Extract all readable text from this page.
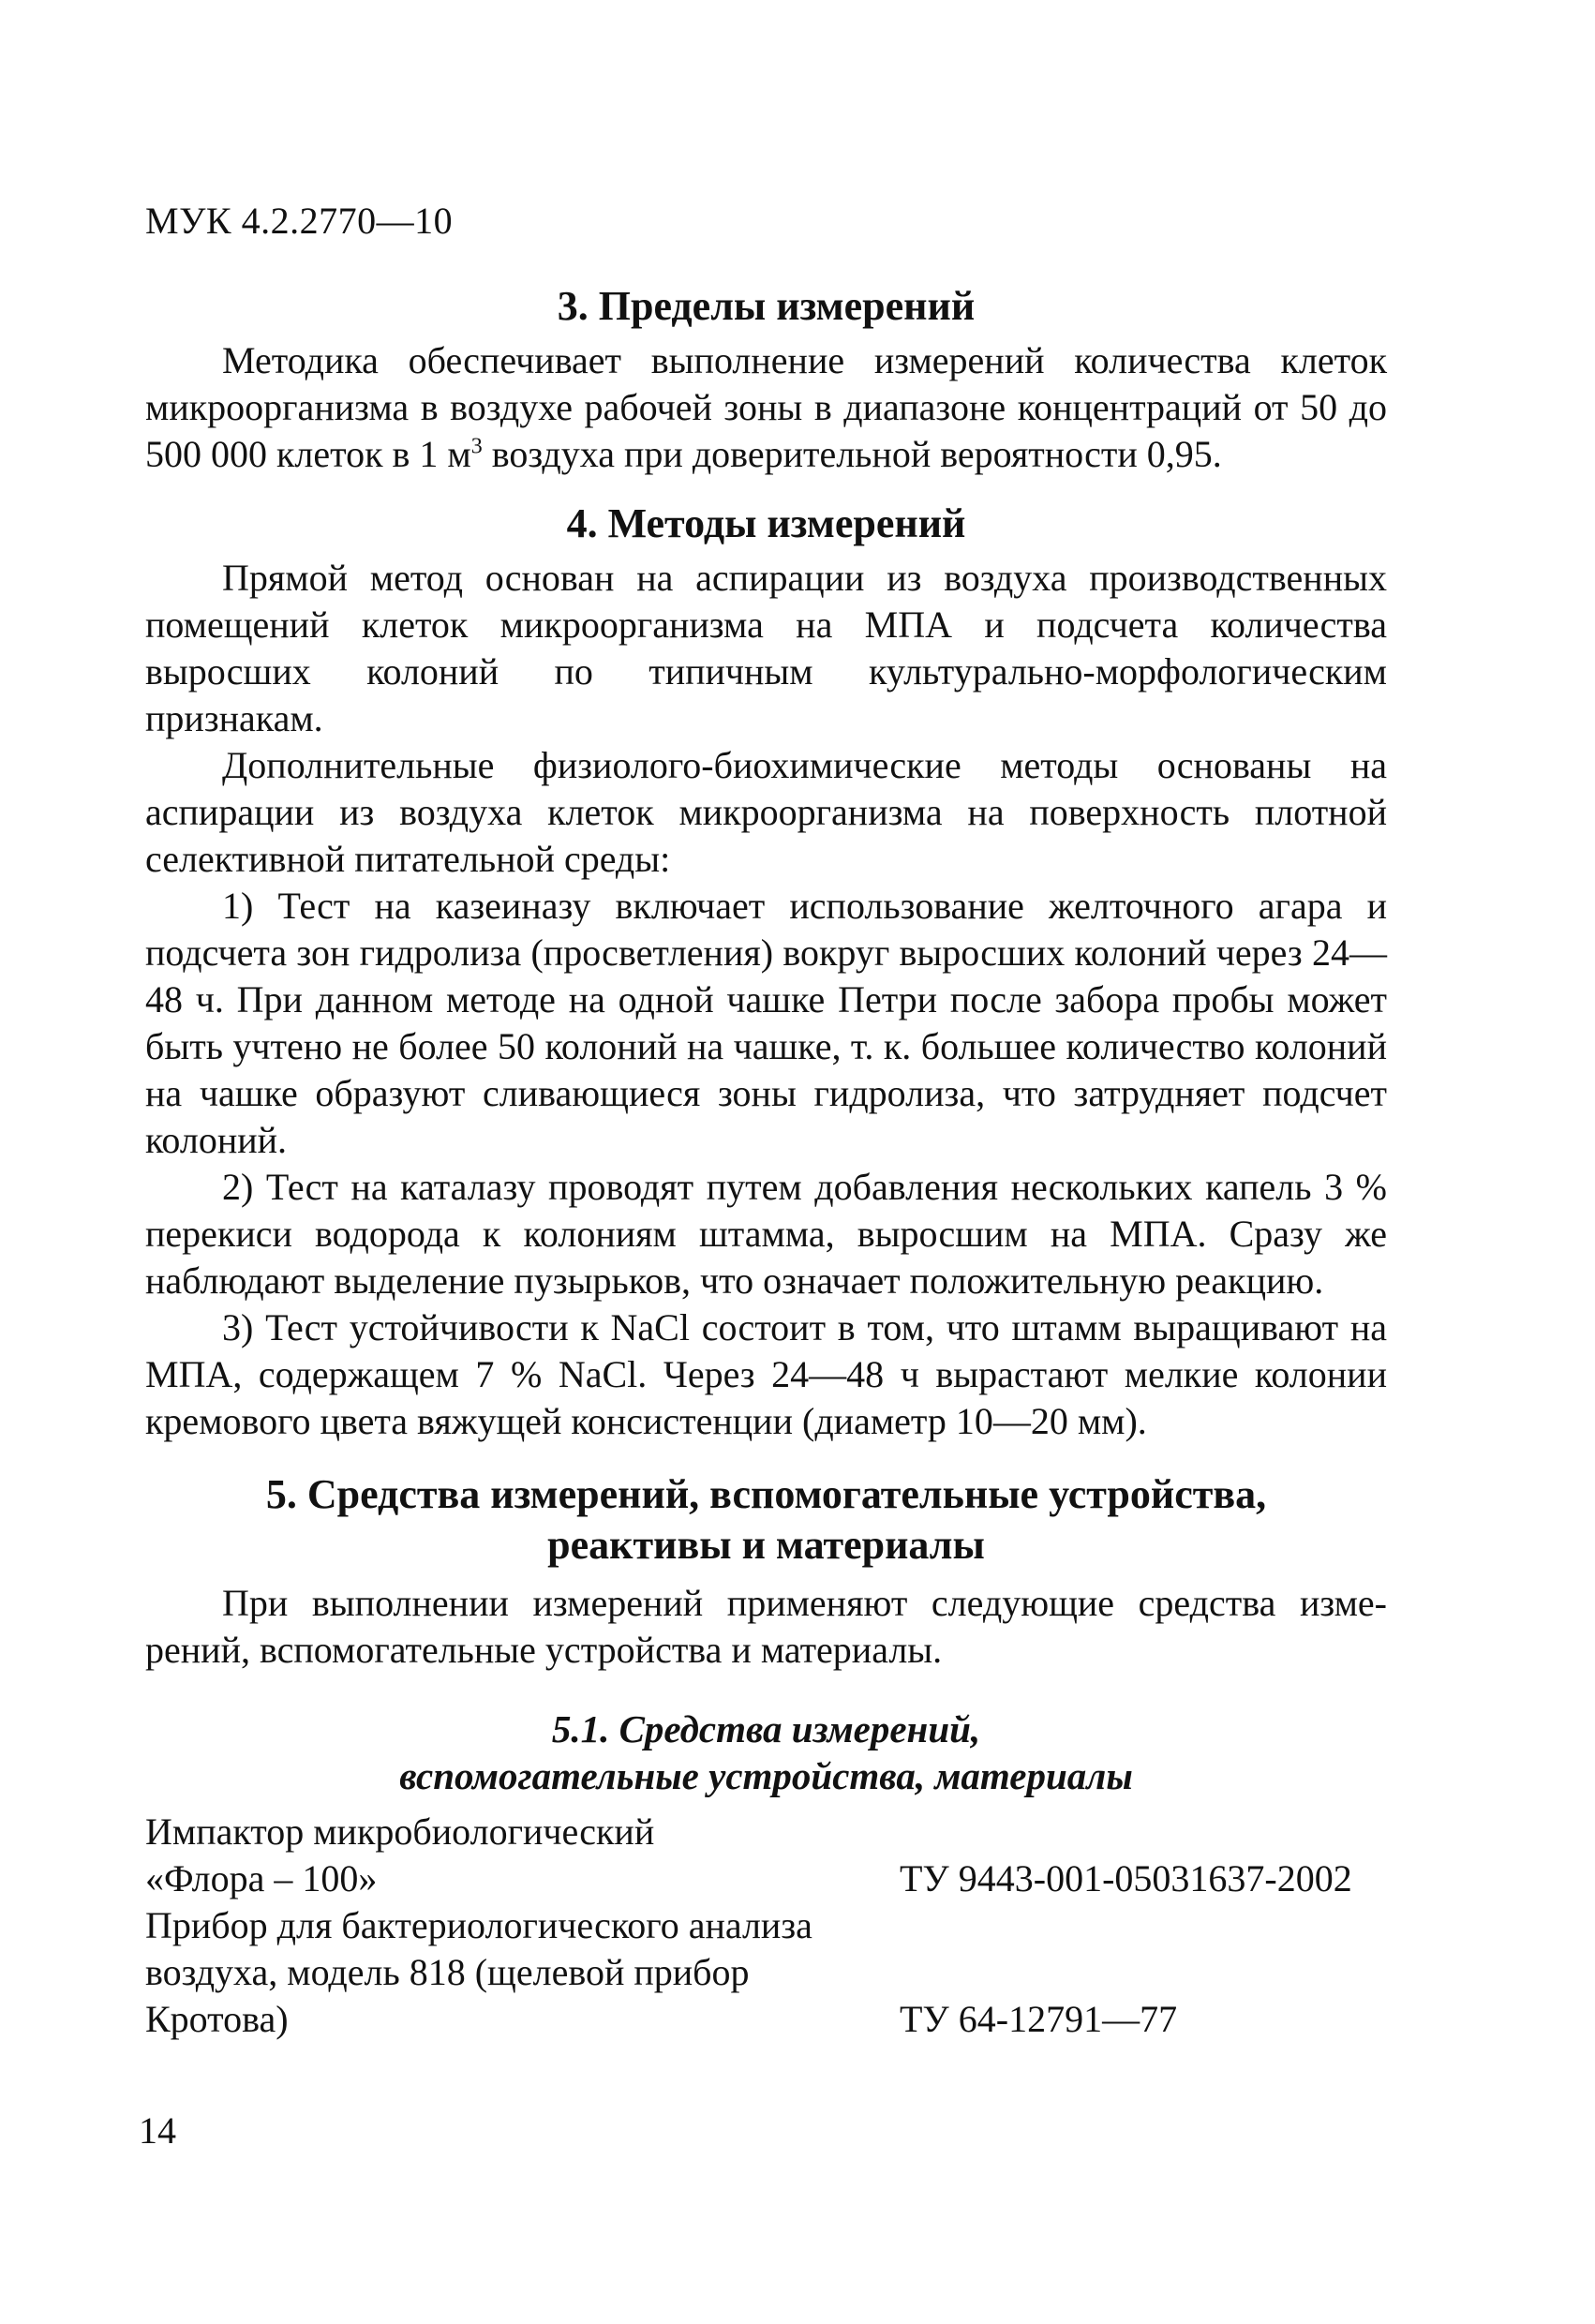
МУК 4.2.2770—10
3. Пределы измерений

Методика обеспечивает выполнение измерений количества клеток микроорганизма в воздухе рабочей зоны в диапазоне концентраций от 50 до 500 000 клеток в 1 $м^3$ воздуха при доверительной вероятности 0,95.

4. Методы измерений

Прямой метод основан на аспирации из воздуха производственных помещений клеток микроорганизма на МПА и подсчета количества выросших колоний по типичным культурально-морфологическим признакам.

Дополнительные физиолого-биохимические методы основаны на аспирации из воздуха клеток микроорганизма на поверхность плотной селективной питательной среды:

1) Тест на казеиназу включает использование желточного агара и подсчета зон гидролиза (просветления) вокруг выросших колоний через 24—48 ч. При данном методе на одной чашке Петри после забора пробы может быть учтено не более 50 колоний на чашке, т. к. большее количество колоний на чашке образуют сливающиеся зоны гидролиза, что затрудняет подсчет колоний.

2) Тест на каталазу проводят путем добавления нескольких капель 3 % перекиси водорода к колониям штамма, выросшим на МПА. Сразу же наблюдают выделение пузырьков, что означает положительную реакцию.

3) Тест устойчивости к NaCl состоит в том, что штамм выращивают на МПА, содержащем 7 % NaCl. Через 24—48 ч вырастают мелкие колонии кремового цвета вяжущей консистенции (диаметр 10—20 мм).

5. Средства измерений, вспомогательные устройства,
реактивы и материалы

При выполнении измерений применяют следующие средства измерений, вспомогательные устройства и материалы.

5.1. Средства измерений,
вспомогательные устройства, материалы
Импактор микробиологический
«Флора – 100»	ТУ 9443-001-05031637-2002
Прибор для бактериологического анализа
воздуха, модель 818 (щелевой прибор
Кротова)	ТУ 64-12791—77
14
